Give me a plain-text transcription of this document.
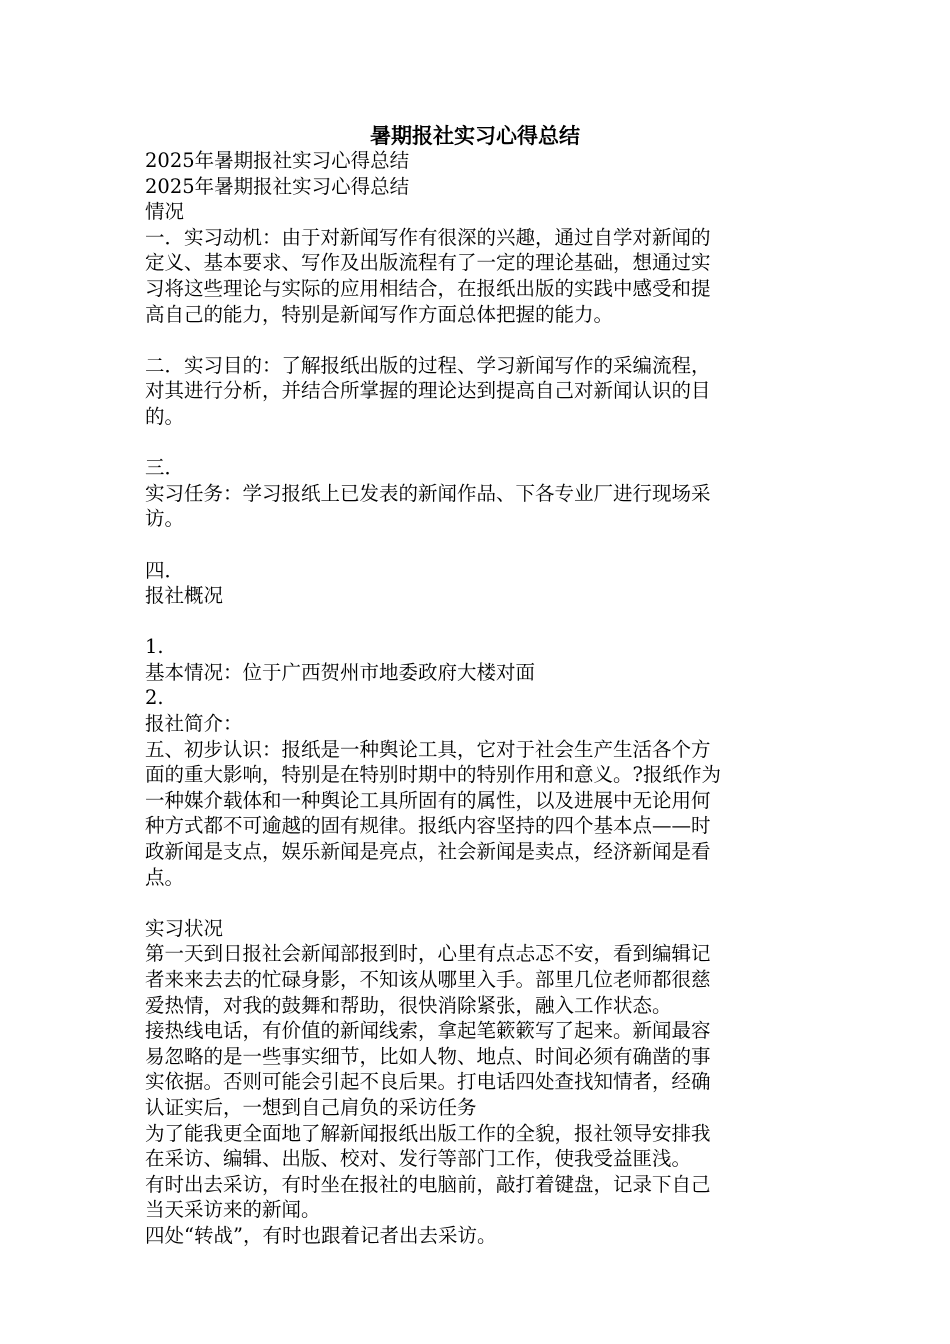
暑期报社实习心得总结
2025年暑期报社实习心得总结
2025年暑期报社实习心得总结
情况
一．实习动机：由于对新闻写作有很深的兴趣，通过自学对新闻的
定义、基本要求、写作及出版流程有了一定的理论基础，想通过实
习将这些理论与实际的应用相结合，在报纸出版的实践中感受和提
高自己的能力，特别是新闻写作方面总体把握的能力。
二．实习目的：了解报纸出版的过程、学习新闻写作的采编流程，
对其进行分析，并结合所掌握的理论达到提高自己对新闻认识的目
的。
三．
实习任务：学习报纸上已发表的新闻作品、下各专业厂进行现场采
访。
四．
报社概况
1.
基本情况：位于广西贺州市地委政府大楼对面
2.
报社简介：
五、初步认识：报纸是一种舆论工具，它对于社会生产生活各个方
面的重大影响，特别是在特别时期中的特别作用和意义。?报纸作为
一种媒介载体和一种舆论工具所固有的属性，以及进展中无论用何
种方式都不可逾越的固有规律。报纸内容坚持的四个基本点——时
政新闻是支点，娱乐新闻是亮点，社会新闻是卖点，经济新闻是看
点。
实习状况
第一天到日报社会新闻部报到时，心里有点忐忑不安，看到编辑记
者来来去去的忙碌身影，不知该从哪里入手。部里几位老师都很慈
爱热情，对我的鼓舞和帮助，很快消除紧张，融入工作状态。
接热线电话，有价值的新闻线索，拿起笔簌簌写了起来。新闻最容
易忽略的是一些事实细节，比如人物、地点、时间必须有确凿的事
实依据。否则可能会引起不良后果。打电话四处查找知情者，经确
认证实后，一想到自己肩负的采访任务
为了能我更全面地了解新闻报纸出版工作的全貌，报社领导安排我
在采访、编辑、出版、校对、发行等部门工作，使我受益匪浅。
有时出去采访，有时坐在报社的电脑前，敲打着键盘，记录下自己
当天采访来的新闻。
四处“转战”，有时也跟着记者出去采访。
